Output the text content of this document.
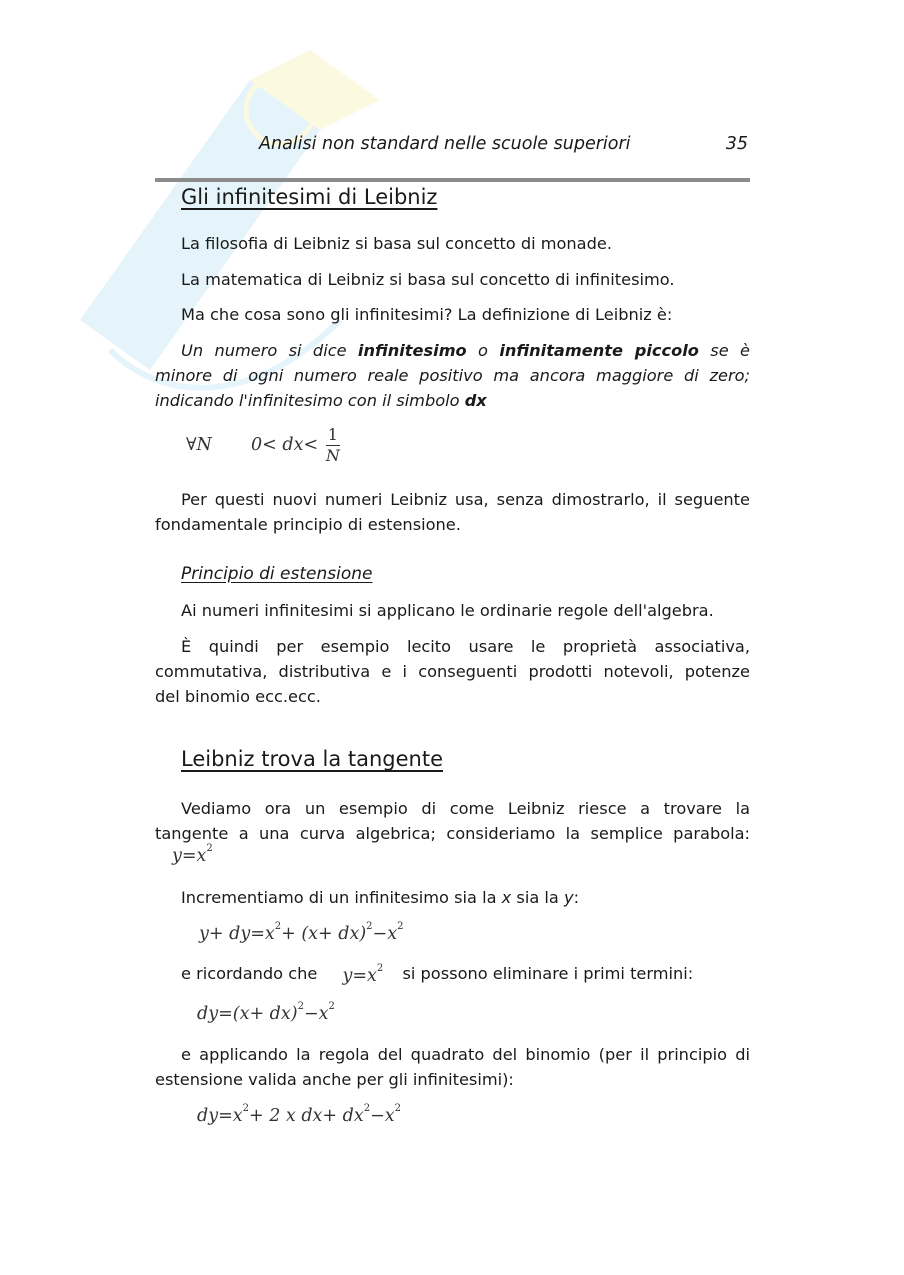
Analisi non standard nelle scuole superiori	35
Gli infinitesimi di Leibniz
La filosofia di Leibniz si basa sul concetto di monade.
La matematica di Leibniz si basa sul concetto di infinitesimo.
Ma che cosa sono gli infinitesimi? La definizione di Leibniz è:
Un numero si dice infinitesimo o infinitamente piccolo se è
minore di ogni numero reale positivo ma ancora maggiore di zero;
indicando l'infinitesimo con il simbolo dx
∀N $0< dx< \frac{1}{N}$
Per questi nuovi numeri Leibniz usa, senza dimostrarlo, il seguente
fondamentale principio di estensione.
Principio di estensione
Ai numeri infinitesimi si applicano le ordinarie regole dell'algebra.
È quindi per esempio lecito usare le proprietà associativa,
commutativa, distributiva e i conseguenti prodotti notevoli, potenze
del binomio ecc.ecc.
Leibniz trova la tangente
Vediamo ora un esempio di come Leibniz riesce a trovare la
tangente a una curva algebrica; consideriamo la semplice parabola:
$y=x^2$
Incrementiamo di un infinitesimo sia la x sia la y:
$y+ dy=x^2+ (x+ dx)^2-x^2$
e ricordando che $y=x^2$ si possono eliminare i primi termini:
$dy=(x+ dx)^2-x^2$
e applicando la regola del quadrato del binomio (per il principio di
estensione valida anche per gli infinitesimi):
$dy=x^2+ 2$ x $dx+ dx^2-x^2$
